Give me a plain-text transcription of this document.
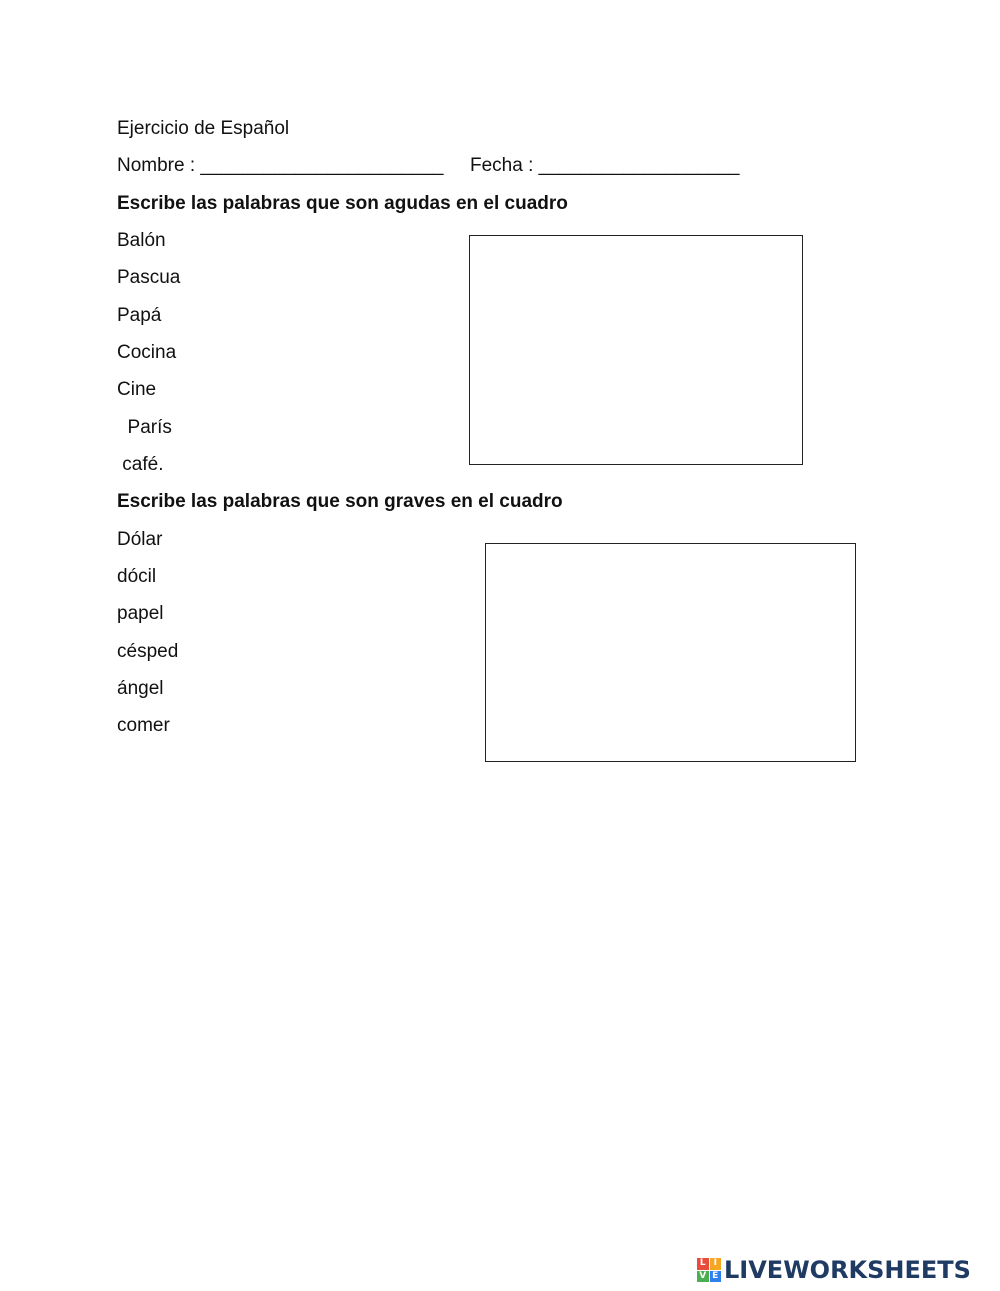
Ejercicio de Español
Nombre : _______________________ Fecha : ___________________
Escribe las palabras que son agudas en el cuadro
Balón
Pascua
Papá
Cocina
Cine
París
café.
Escribe las palabras que son graves en el cuadro
Dólar
dócil
papel
césped
ángel
comer
L I
V E LIVEWORKSHEETS
